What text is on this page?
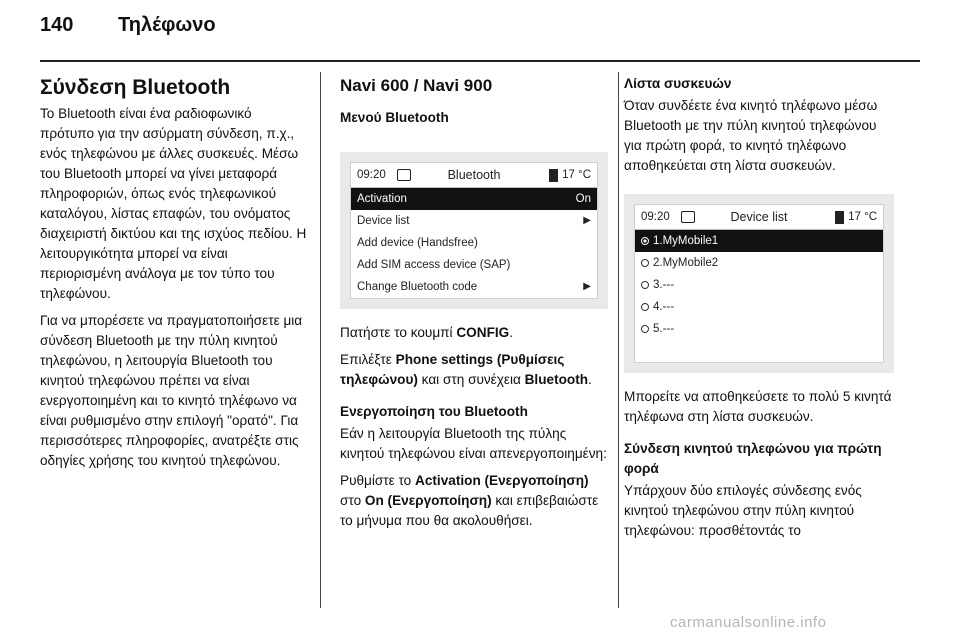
140 Τηλέφωνο
Σύνδεση Bluetooth

Το Bluetooth είναι ένα ραδιοφωνικό πρότυπο για την ασύρματη σύνδεση, π.χ., ενός τηλεφώνου με άλλες συσκευές. Μέσω του Bluetooth μπορεί να γίνει μεταφορά πληροφοριών, όπως ενός τηλεφωνικού καταλόγου, λίστας επαφών, του ονόματος διαχειριστή δικτύου και της ισχύος πεδίου. Η λειτουργικότητα μπορεί να είναι περιορισμένη ανάλογα με τον τύπο του τηλεφώνου.

Για να μπορέσετε να πραγματοποιήσετε μια σύνδεση Bluetooth με την πύλη κινητού τηλεφώνου, η λειτουργία Bluetooth του κινητού τηλεφώνου πρέπει να είναι ενεργοποιημένη και το κινητό τηλέφωνο να είναι ρυθμισμένο στην επιλογή "ορατό". Για περισσότερες πληροφορίες, ανατρέξτε στις οδηγίες χρήσης του κινητού τηλεφώνου.

Navi 600 / Navi 900
Μενού Bluetooth
09:20	Bluetooth	17 °C
Activation	On
Device list	▶
Add device (Handsfree)
Add SIM access device (SAP)
Change Bluetooth code	▶

Πατήστε το κουμπί CONFIG.

Επιλέξτε Phone settings (Ρυθμίσεις τηλεφώνου) και στη συνέχεια Bluetooth.

Ενεργοποίηση του Bluetooth

Εάν η λειτουργία Bluetooth της πύλης κινητού τηλεφώνου είναι απενεργοποιημένη:

Ρυθμίστε το Activation (Ενεργοποίηση) στο On (Ενεργοποίηση) και επιβεβαιώστε το μήνυμα που θα ακολουθήσει.

Λίστα συσκευών

Όταν συνδέετε ένα κινητό τηλέφωνο μέσω Bluetooth με την πύλη κινητού τηλεφώνου για πρώτη φορά, το κινητό τηλέφωνο αποθηκεύεται στη λίστα συσκευών.

09:20	Device list	17 °C
1.MyMobile1
2.MyMobile2
3.---
4.---
5.---

Μπορείτε να αποθηκεύσετε το πολύ 5 κινητά τηλέφωνα στη λίστα συσκευών.

Σύνδεση κινητού τηλεφώνου για πρώτη φορά

Υπάρχουν δύο επιλογές σύνδεσης ενός κινητού τηλεφώνου στην πύλη κινητού τηλεφώνου: προσθέτοντάς το

carmanualsonline.info
